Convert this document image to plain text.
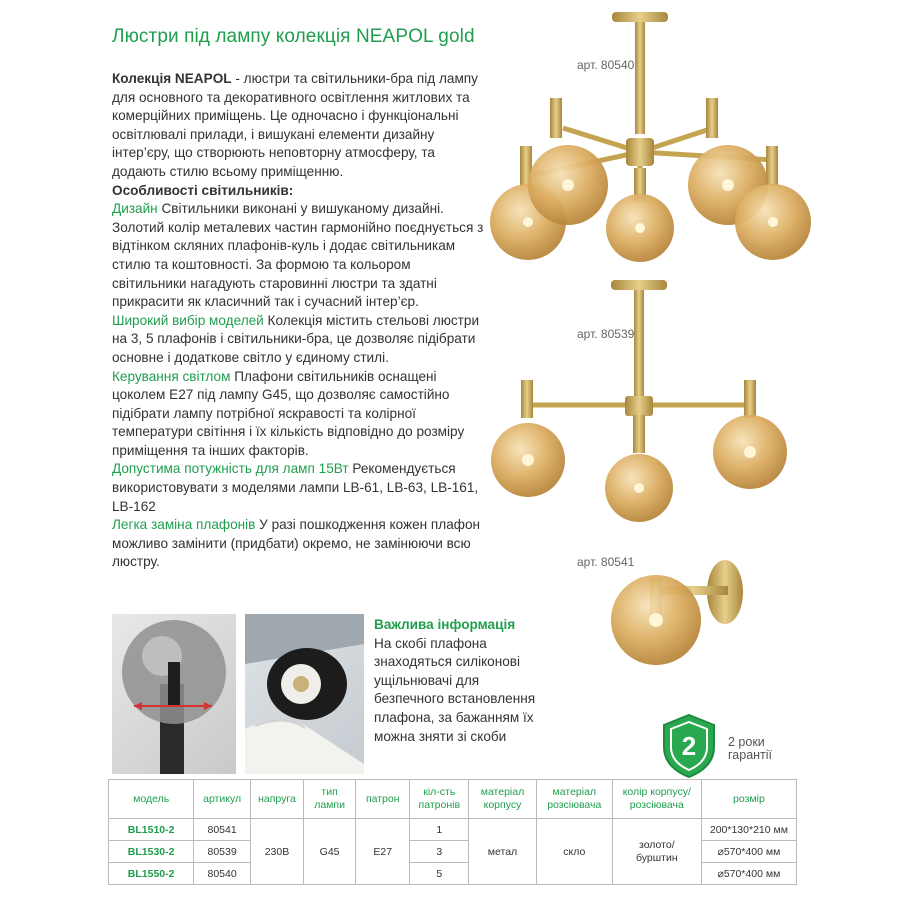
Люстри під лампу колекція NEAPOL gold

Колекція NEAPOL - люстри та світильники-бра під лампу для основного та декоративного освітлення житлових та комерційних приміщень. Це одночасно і функціональні освітлювалі прилади, і вишукані елементи дизайну інтер’єру, що створюють неповторну атмосферу, та додають стилю всьому приміщенню.

Особливості світильників:

Дизайн Світильники виконані у вишуканому дизайні. Золотий колір металевих частин гармонійно поєднується з відтінком скляних плафонів-куль і додає світильникам стилю та коштовності. За формою та кольором світильники нагадують старовинні люстри та здатні прикрасити як класичний так і сучасний інтер’єр.

Широкий вибір моделей Колекція містить стельові люстри на 3, 5 плафонів і світильники-бра, це дозволяє підібрати основне і додаткове світло у єдиному стилі.

Керування світлом Плафони світильників оснащені цоколем E27 під лампу G45, що дозволяє самостійно підібрати лампу потрібної яскравості та колірної температури світіння і їх кількість відповідно до розміру приміщення та інших факторів.

Допустима потужність для ламп 15Вт Рекомендується використовувати з моделями лампи LB-61, LB-63, LB-161, LB-162

Легка заміна плафонів У разі пошкодження кожен плафон можливо замінити (придбати) окремо, не замінюючи всю люстру.

арт. 80540
арт. 80539
арт. 80541
Важлива інформація
На скобі плафона знаходяться силіконові ущільнювачі для безпечного встановлення плафона, за бажанням їх можна зняти зі скоби	2	2 роки
гарантії
модель	артикул	напруга	тип лампи	патрон	кіл-сть патронів	матеріал корпусу	матеріал розсіювача	колір корпусу/ розсіювача	розмір
BL1510-2	80541	230В	G45	E27	1	метал	скло	золото/ бурштин	200*130*210 мм
BL1530-2	80539				3				⌀570*400 мм
BL1550-2	80540				5				⌀570*400 мм
